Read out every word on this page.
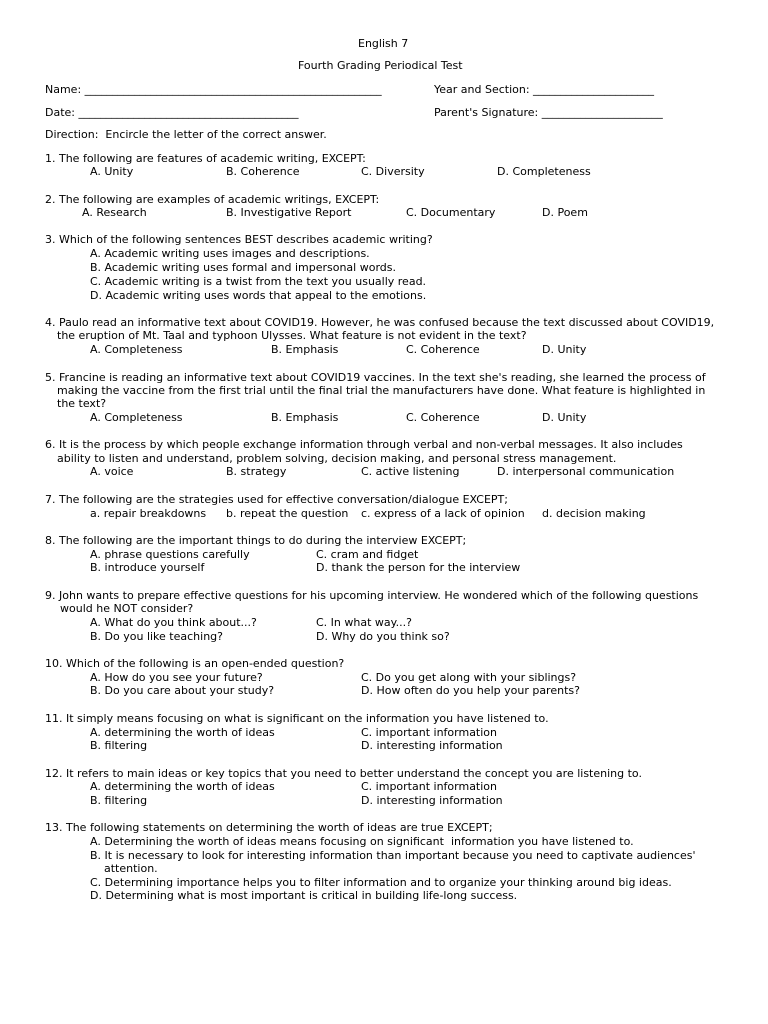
English 7
Fourth Grading Periodical Test
Name: ______________________________________________________	Year and Section: ______________________
Date: ________________________________________	Parent's Signature: ______________________
Direction:  Encircle the letter of the correct answer.
1. The following are features of academic writing, EXCEPT:
A. Unity	B. Coherence	C. Diversity	D. Completeness
2. The following are examples of academic writings, EXCEPT:
A. Research	B. Investigative Report	C. Documentary	D. Poem
3. Which of the following sentences BEST describes academic writing?
A. Academic writing uses images and descriptions.
B. Academic writing uses formal and impersonal words.
C. Academic writing is a twist from the text you usually read.
D. Academic writing uses words that appeal to the emotions.
4. Paulo read an informative text about COVID19. However, he was confused because the text discussed about COVID19,
the eruption of Mt. Taal and typhoon Ulysses. What feature is not evident in the text?
A. Completeness	B. Emphasis	C. Coherence	D. Unity
5. Francine is reading an informative text about COVID19 vaccines. In the text she's reading, she learned the process of
making the vaccine from the first trial until the final trial the manufacturers have done. What feature is highlighted in
the text?
A. Completeness	B. Emphasis	C. Coherence	D. Unity
6. It is the process by which people exchange information through verbal and non-verbal messages. It also includes
ability to listen and understand, problem solving, decision making, and personal stress management.
A. voice	B. strategy	C. active listening	D. interpersonal communication
7. The following are the strategies used for effective conversation/dialogue EXCEPT;
a. repair breakdowns b. repeat the question c. express of a lack of opinion d. decision making
8. The following are the important things to do during the interview EXCEPT;
A. phrase questions carefully	C. cram and fidget
B. introduce yourself	D. thank the person for the interview
9. John wants to prepare effective questions for his upcoming interview. He wondered which of the following questions
would he NOT consider?
A. What do you think about...?	C. In what way...?
B. Do you like teaching?	D. Why do you think so?
10. Which of the following is an open-ended question?
A. How do you see your future?	C. Do you get along with your siblings?
B. Do you care about your study?	D. How often do you help your parents?
11. It simply means focusing on what is significant on the information you have listened to.
A. determining the worth of ideas	C. important information
B. filtering	D. interesting information
12. It refers to main ideas or key topics that you need to better understand the concept you are listening to.
A. determining the worth of ideas	C. important information
B. filtering	D. interesting information
13. The following statements on determining the worth of ideas are true EXCEPT;
A. Determining the worth of ideas means focusing on significant  information you have listened to.
B. It is necessary to look for interesting information than important because you need to captivate audiences'
attention.
C. Determining importance helps you to filter information and to organize your thinking around big ideas.
D. Determining what is most important is critical in building life-long success.
